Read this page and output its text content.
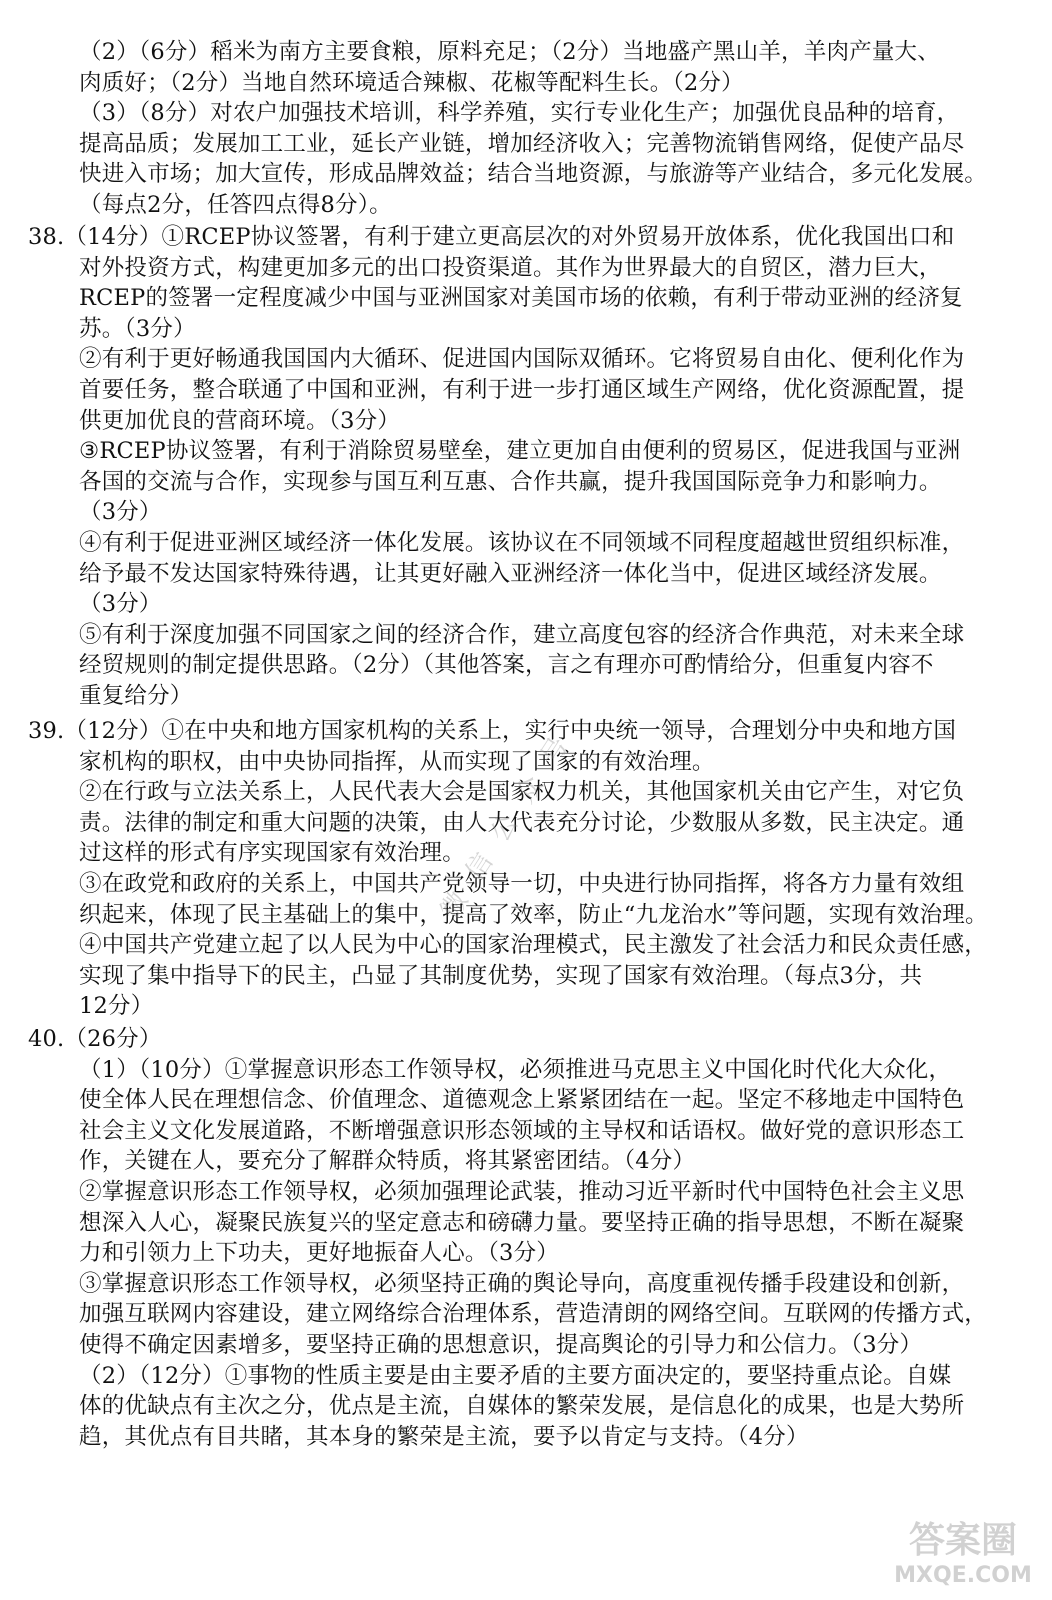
（2）（6分）稻米为南方主要食粮，原料充足；（2分）当地盛产黑山羊，羊肉产量大、
肉质好；（2分）当地自然环境适合辣椒、花椒等配料生长。（2分）
（3）（8分）对农户加强技术培训，科学养殖，实行专业化生产；加强优良品种的培育，
提高品质；发展加工工业，延长产业链，增加经济收入；完善物流销售网络，促使产品尽
快进入市场；加大宣传，形成品牌效益；结合当地资源，与旅游等产业结合，多元化发展。
（每点2分，任答四点得8分）。
38.（14分）①RCEP协议签署，有利于建立更高层次的对外贸易开放体系，优化我国出口和
对外投资方式，构建更加多元的出口投资渠道。其作为世界最大的自贸区，潜力巨大，
RCEP的签署一定程度减少中国与亚洲国家对美国市场的依赖，有利于带动亚洲的经济复
苏。（3分）
②有利于更好畅通我国国内大循环、促进国内国际双循环。它将贸易自由化、便利化作为
首要任务，整合联通了中国和亚洲，有利于进一步打通区域生产网络，优化资源配置，提
供更加优良的营商环境。（3分）
③RCEP协议签署，有利于消除贸易壁垒，建立更加自由便利的贸易区，促进我国与亚洲
各国的交流与合作，实现参与国互利互惠、合作共赢，提升我国国际竞争力和影响力。
（3分）
④有利于促进亚洲区域经济一体化发展。该协议在不同领域不同程度超越世贸组织标准，
给予最不发达国家特殊待遇，让其更好融入亚洲经济一体化当中，促进区域经济发展。
（3分）
⑤有利于深度加强不同国家之间的经济合作，建立高度包容的经济合作典范，对未来全球
经贸规则的制定提供思路。（2分）（其他答案，言之有理亦可酌情给分，但重复内容不
重复给分）
39.（12分）①在中央和地方国家机构的关系上，实行中央统一领导，合理划分中央和地方国
家机构的职权，由中央协同指挥，从而实现了国家的有效治理。
②在行政与立法关系上，人民代表大会是国家权力机关，其他国家机关由它产生，对它负
责。法律的制定和重大问题的决策，由人大代表充分讨论，少数服从多数，民主决定。通
过这样的形式有序实现国家有效治理。
③在政党和政府的关系上，中国共产党领导一切，中央进行协同指挥，将各方力量有效组
织起来，体现了民主基础上的集中，提高了效率，防止“九龙治水”等问题，实现有效治理。
④中国共产党建立起了以人民为中心的国家治理模式，民主激发了社会活力和民众责任感，
实现了集中指导下的民主，凸显了其制度优势，实现了国家有效治理。（每点3分，共
12分）
40.（26分）
（1）（10分）①掌握意识形态工作领导权，必须推进马克思主义中国化时代化大众化，
使全体人民在理想信念、价值理念、道德观念上紧紧团结在一起。坚定不移地走中国特色
社会主义文化发展道路，不断增强意识形态领域的主导权和话语权。做好党的意识形态工
作，关键在人，要充分了解群众特质，将其紧密团结。（4分）
②掌握意识形态工作领导权，必须加强理论武装，推动习近平新时代中国特色社会主义思
想深入人心，凝聚民族复兴的坚定意志和磅礴力量。要坚持正确的指导思想，不断在凝聚
力和引领力上下功夫，更好地振奋人心。（3分）
③掌握意识形态工作领导权，必须坚持正确的舆论导向，高度重视传播手段建设和创新，
加强互联网内容建设，建立网络综合治理体系，营造清朗的网络空间。互联网的传播方式，
使得不确定因素增多，要坚持正确的思想意识，提高舆论的引导力和公信力。（3分）
（2）（12分）①事物的性质主要是由主要矛盾的主要方面决定的，要坚持重点论。自媒
体的优缺点有主次之分，优点是主流，自媒体的繁荣发展，是信息化的成果，也是大势所
趋，其优点有目共睹，其本身的繁荣是主流，要予以肯定与支持。（4分）
微信公众号
答案圈
MXQE.COM
